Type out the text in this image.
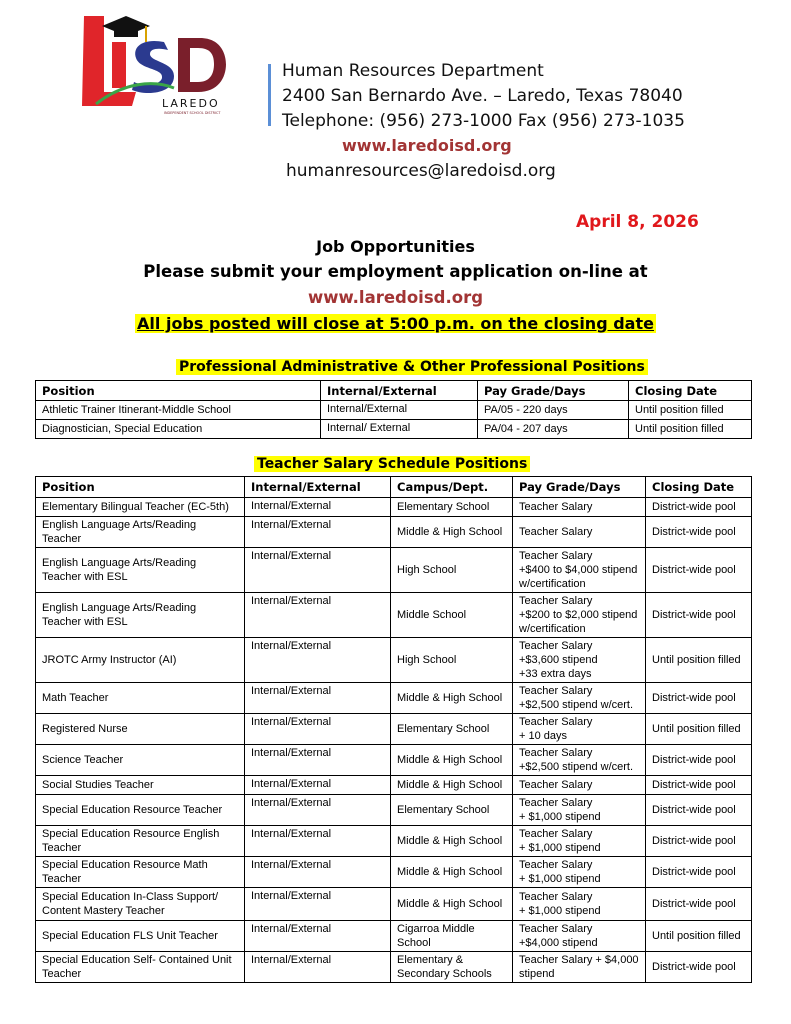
LAREDO
INDEPENDENT SCHOOL DISTRICT
Human Resources Department
2400 San Bernardo Ave. – Laredo, Texas 78040
Telephone: (956) 273-1000 Fax (956) 273-1035
www.laredoisd.org
humanresources@laredoisd.org
April 8, 2026
Job Opportunities
Please submit your employment application on-line at
www.laredoisd.org
All jobs posted will close at 5:00 p.m. on the closing date
Professional Administrative & Other Professional Positions
Position	Internal/External	Pay Grade/Days	Closing Date
Athletic Trainer Itinerant-Middle School	Internal/External	PA/05 - 220 days	Until position filled
Diagnostician, Special Education	Internal/ External	PA/04 - 207 days	Until position filled
Teacher Salary Schedule Positions
Position	Internal/External	Campus/Dept.	Pay Grade/Days	Closing Date
Elementary Bilingual Teacher (EC-5th)	Internal/External	Elementary School	Teacher Salary	District-wide pool
English Language Arts/Reading Teacher	Internal/External	Middle & High School	Teacher Salary	District-wide pool
English Language Arts/Reading Teacher with ESL	Internal/External	High School	Teacher Salary
+$400 to $4,000 stipend
w/certification	District-wide pool
English Language Arts/Reading Teacher with ESL	Internal/External	Middle School	Teacher Salary
+$200 to $2,000 stipend
w/certification	District-wide pool
JROTC Army Instructor (AI)	Internal/External	High School	Teacher Salary
+$3,600 stipend
+33 extra days	Until position filled
Math Teacher	Internal/External	Middle & High School	Teacher Salary
+$2,500 stipend w/cert.	District-wide pool
Registered Nurse	Internal/External	Elementary School	Teacher Salary
+ 10 days	Until position filled
Science Teacher	Internal/External	Middle & High School	Teacher Salary
+$2,500 stipend w/cert.	District-wide pool
Social Studies Teacher	Internal/External	Middle & High School	Teacher Salary	District-wide pool
Special Education Resource Teacher	Internal/External	Elementary School	Teacher Salary
+ $1,000 stipend	District-wide pool
Special Education Resource English Teacher	Internal/External	Middle & High School	Teacher Salary
+ $1,000 stipend	District-wide pool
Special Education Resource Math Teacher	Internal/External	Middle & High School	Teacher Salary
+ $1,000 stipend	District-wide pool
Special Education In-Class Support/ Content Mastery Teacher	Internal/External	Middle & High School	Teacher Salary
+ $1,000 stipend	District-wide pool
Special Education FLS Unit Teacher	Internal/External	Cigarroa Middle School	Teacher Salary
+$4,000 stipend	Until position filled
Special Education Self- Contained Unit Teacher	Internal/External	Elementary &
Secondary Schools	Teacher Salary + $4,000 stipend	District-wide pool
